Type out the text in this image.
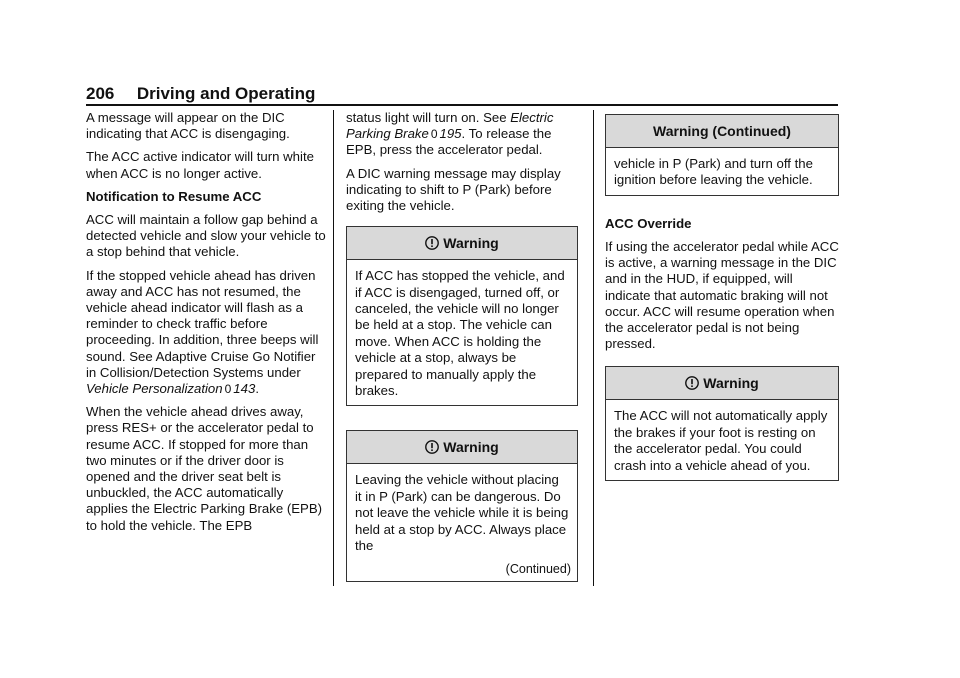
206 Driving and Operating

A message will appear on the DIC indicating that ACC is disengaging.

The ACC active indicator will turn white when ACC is no longer active.

Notification to Resume ACC

ACC will maintain a follow gap behind a detected vehicle and slow your vehicle to a stop behind that vehicle.

If the stopped vehicle ahead has driven away and ACC has not resumed, the vehicle ahead indicator will flash as a reminder to check traffic before proceeding. In addition, three beeps will sound. See Adaptive Cruise Go Notifier in Collision/Detection Systems under Vehicle Personalization 0 143.

When the vehicle ahead drives away, press RES+ or the accelerator pedal to resume ACC. If stopped for more than two minutes or if the driver door is opened and the driver seat belt is unbuckled, the ACC automatically applies the Electric Parking Brake (EPB) to hold the vehicle. The EPB

status light will turn on. See Electric Parking Brake 0 195. To release the EPB, press the accelerator pedal.

A DIC warning message may display indicating to shift to P (Park) before exiting the vehicle.

Warning
If ACC has stopped the vehicle, and if ACC is disengaged, turned off, or canceled, the vehicle will no longer be held at a stop. The vehicle can move. When ACC is holding the vehicle at a stop, always be prepared to manually apply the brakes.
Warning
Leaving the vehicle without placing it in P (Park) can be dangerous. Do not leave the vehicle while it is being held at a stop by ACC. Always place the
(Continued)
Warning (Continued)
vehicle in P (Park) and turn off the ignition before leaving the vehicle.
ACC Override

If using the accelerator pedal while ACC is active, a warning message in the DIC and in the HUD, if equipped, will indicate that automatic braking will not occur. ACC will resume operation when the accelerator pedal is not being pressed.

Warning
The ACC will not automatically apply the brakes if your foot is resting on the accelerator pedal. You could crash into a vehicle ahead of you.
